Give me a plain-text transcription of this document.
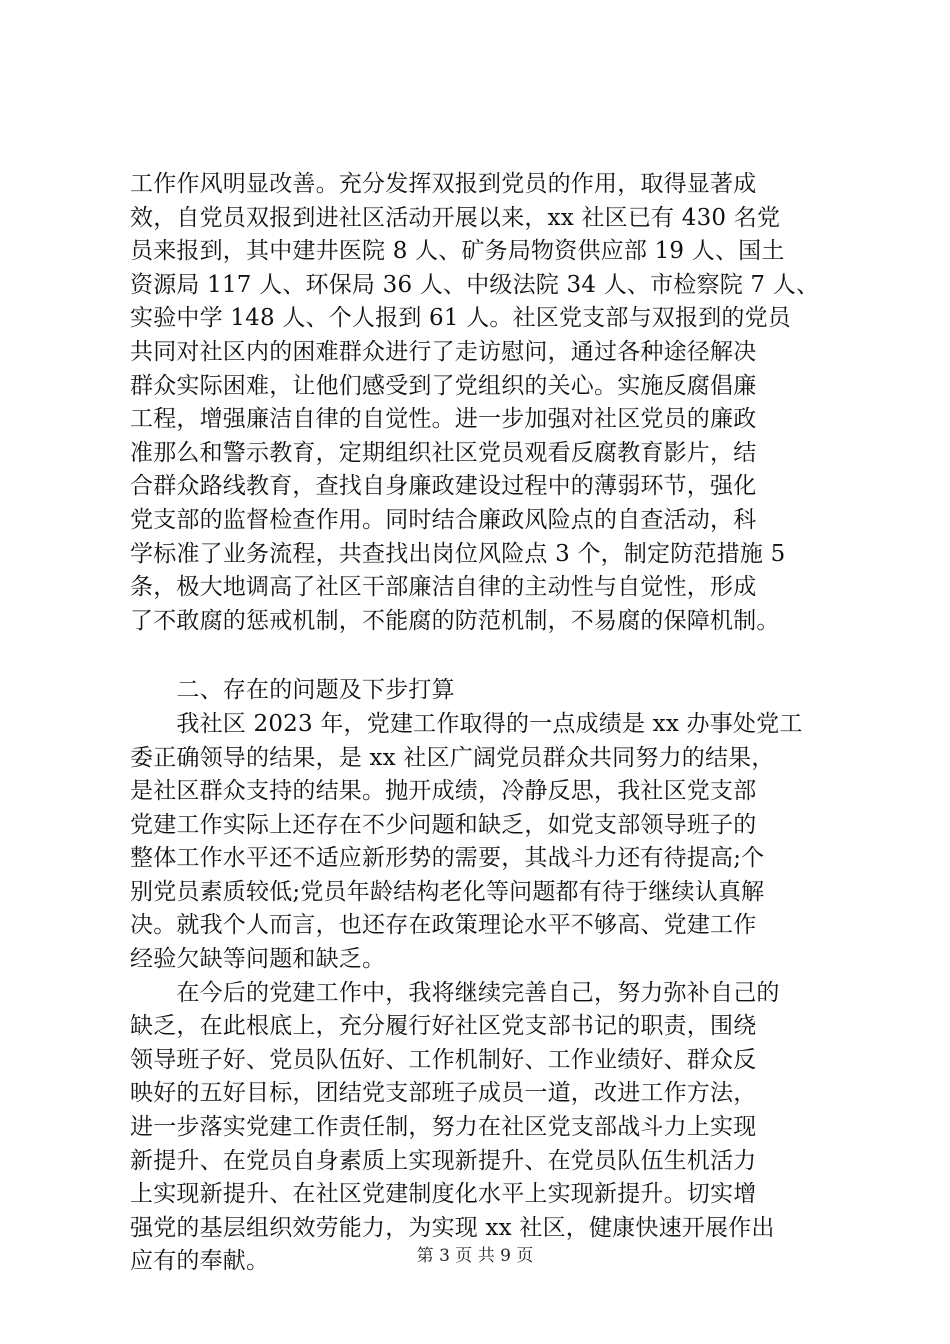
工作作风明显改善。充分发挥双报到党员的作用，取得显著成
效，自党员双报到进社区活动开展以来，xx 社区已有 430 名党
员来报到，其中建井医院 8 人、矿务局物资供应部 19 人、国土
资源局 117 人、环保局 36 人、中级法院 34 人、市检察院 7 人、
实验中学 148 人、个人报到 61 人。社区党支部与双报到的党员
共同对社区内的困难群众进行了走访慰问，通过各种途径解决
群众实际困难，让他们感受到了党组织的关心。实施反腐倡廉
工程，增强廉洁自律的自觉性。进一步加强对社区党员的廉政
准那么和警示教育，定期组织社区党员观看反腐教育影片，结
合群众路线教育，查找自身廉政建设过程中的薄弱环节，强化
党支部的监督检查作用。同时结合廉政风险点的自查活动，科
学标准了业务流程，共查找出岗位风险点 3 个，制定防范措施 5
条，极大地调高了社区干部廉洁自律的主动性与自觉性，形成
了不敢腐的惩戒机制，不能腐的防范机制，不易腐的保障机制。
　　二、存在的问题及下步打算
　　我社区 2023 年，党建工作取得的一点成绩是 xx 办事处党工
委正确领导的结果，是 xx 社区广阔党员群众共同努力的结果，
是社区群众支持的结果。抛开成绩，冷静反思，我社区党支部
党建工作实际上还存在不少问题和缺乏，如党支部领导班子的
整体工作水平还不适应新形势的需要，其战斗力还有待提高;个
别党员素质较低;党员年龄结构老化等问题都有待于继续认真解
决。就我个人而言，也还存在政策理论水平不够高、党建工作
经验欠缺等问题和缺乏。
　　在今后的党建工作中，我将继续完善自己，努力弥补自己的
缺乏，在此根底上，充分履行好社区党支部书记的职责，围绕
领导班子好、党员队伍好、工作机制好、工作业绩好、群众反
映好的五好目标，团结党支部班子成员一道，改进工作方法，
进一步落实党建工作责任制，努力在社区党支部战斗力上实现
新提升、在党员自身素质上实现新提升、在党员队伍生机活力
上实现新提升、在社区党建制度化水平上实现新提升。切实增
强党的基层组织效劳能力，为实现 xx 社区，健康快速开展作出
应有的奉献。	第 3 页 共 9 页
